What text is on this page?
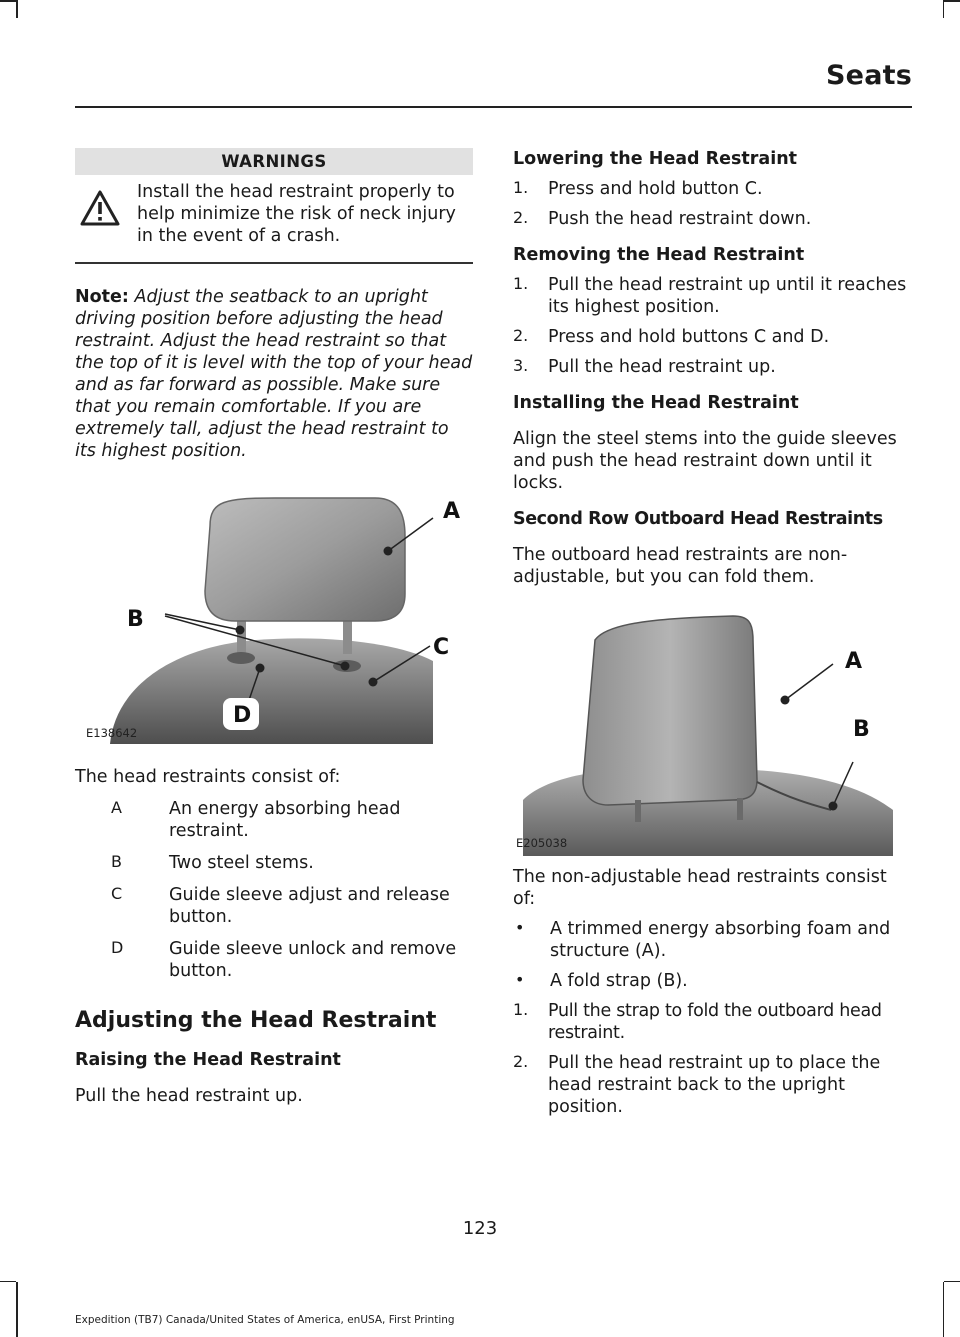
Seats
WARNINGS

Install the head restraint properly to help minimize the risk of neck injury in the event of a crash.

Note: Adjust the seatback to an upright driving position before adjusting the head restraint. Adjust the head restraint so that the top of it is level with the top of your head and as far forward as possible. Make sure that you remain comfortable. If you are extremely tall, adjust the head restraint to its highest position.

A
B
C
D
E138642

The head restraints consist of:

A	An energy absorbing head restraint.

B	Two steel stems.

C	Guide sleeve adjust and release button.

D	Guide sleeve unlock and remove button.

Adjusting the Head Restraint
Raising the Head Restraint

Pull the head restraint up.

Lowering the Head Restraint
1.	Press and hold button C.

2.	Push the head restraint down.

Removing the Head Restraint
1.	Pull the head restraint up until it reaches its highest position.

2.	Press and hold buttons C and D.

3.	Pull the head restraint up.

Installing the Head Restraint

Align the steel stems into the guide sleeves and push the head restraint down until it locks.

Second Row Outboard Head Restraints

The outboard head restraints are non-adjustable, but you can fold them.

A
B
E205038

The non-adjustable head restraints consist of:

•	A trimmed energy absorbing foam and structure (A).

•	A fold strap (B).

1.	Pull the strap to fold the outboard head restraint.

2.	Pull the head restraint up to place the head restraint back to the upright position.

123
Expedition (TB7) Canada/United States of America, enUSA, First Printing
